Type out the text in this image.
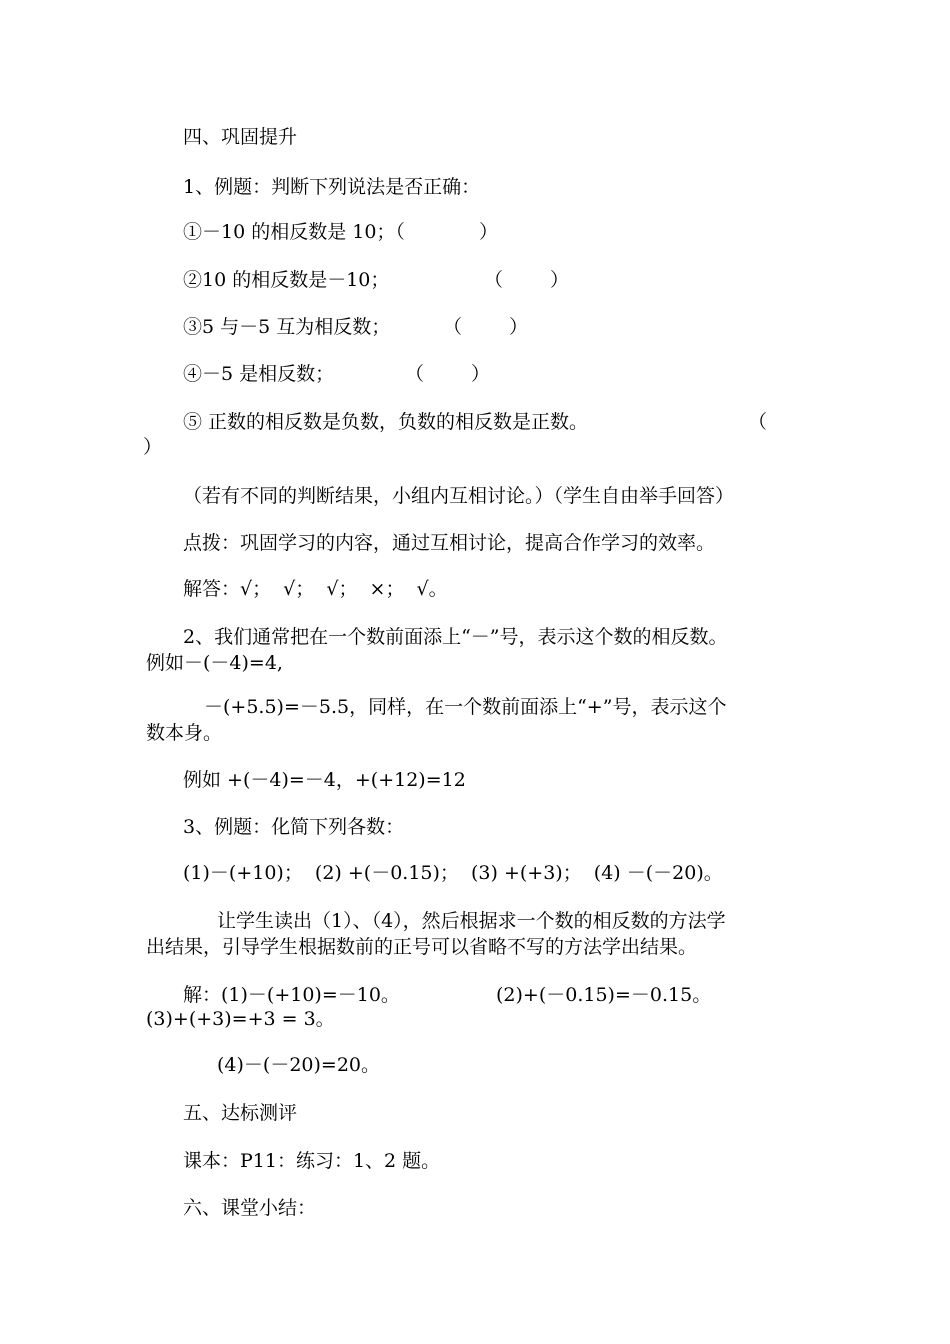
四、巩固提升
1、例题：判断下列说法是否正确：
①－10 的相反数是 10；（	）
②10 的相反数是－10；	（ ）
③5 与－5 互为相反数；	（ ）
④－5 是相反数；	（ ）
⑤ 正数的相反数是负数，负数的相反数是正数。	（
）
（若有不同的判断结果，小组内互相讨论。）（学生自由举手回答）
点拨：巩固学习的内容，通过互相讨论，提高合作学习的效率。
解答：√；  √；  √；  ×；  √。
2、我们通常把在一个数前面添上“－”号，表示这个数的相反数。
例如－(－4)=4,
－(+5.5)=－5.5，同样，在一个数前面添上“+”号，表示这个
数本身。
例如 +(－4)=－4，+(+12)=12
3、例题：化简下列各数：
(1)－(+10)；  (2) +(－0.15)；  (3) +(+3)；  (4) －(－20)。
让学生读出（1）、（4），然后根据求一个数的相反数的方法学
出结果，引导学生根据数前的正号可以省略不写的方法学出结果。
解：(1)－(+10)=－10。	(2)+(－0.15)=－0.15。
(3)+(+3)=+3 = 3。
(4)－(－20)=20。
五、达标测评
课本：P11：练习：1、2 题。
六、课堂小结：
